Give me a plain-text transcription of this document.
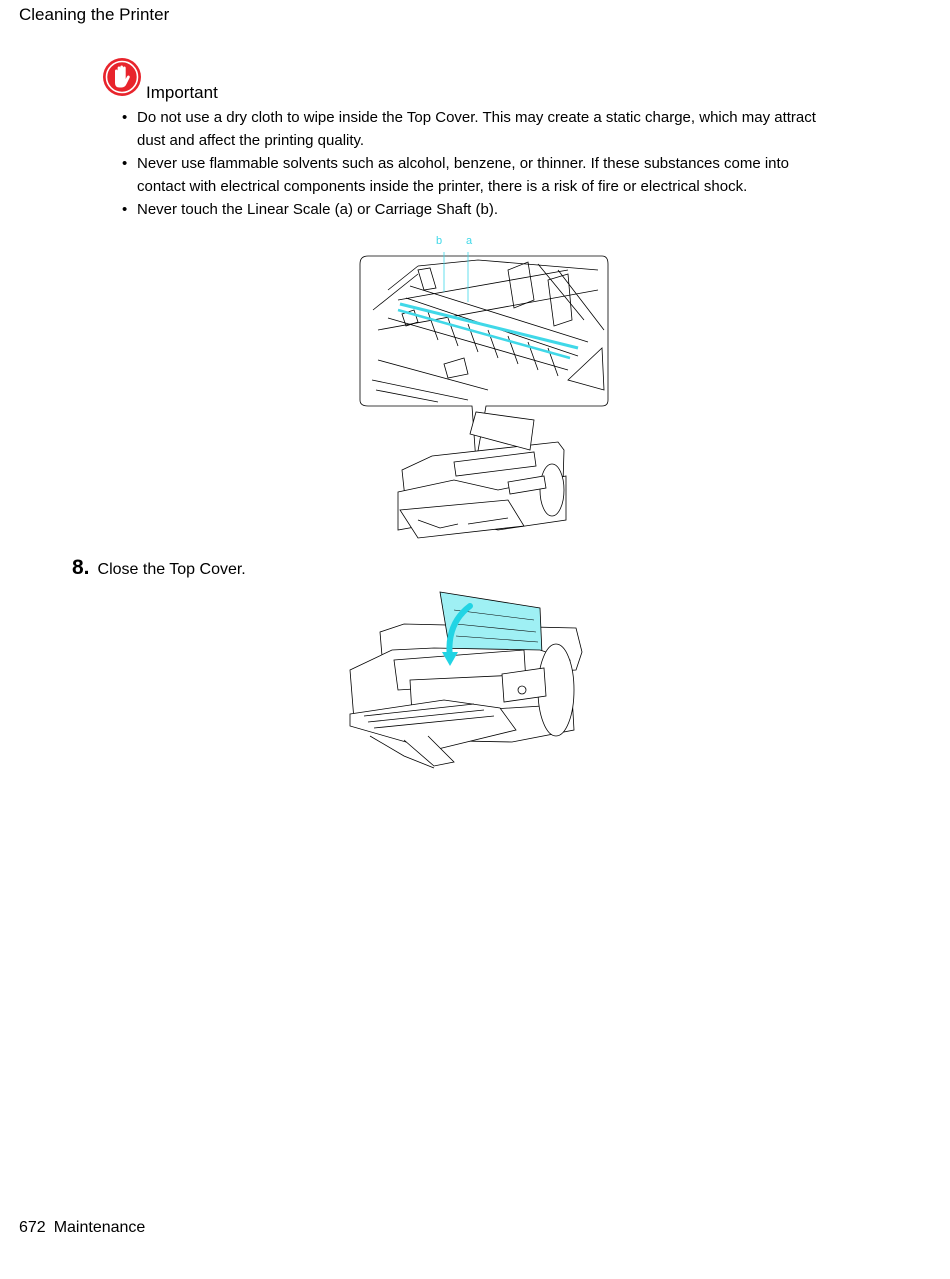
Cleaning the Printer
Important
• Do not use a dry cloth to wipe inside the Top Cover. This may create a static charge, which may attract dust and affect the printing quality.
• Never use flammable solvents such as alcohol, benzene, or thinner. If these substances come into contact with electrical components inside the printer, there is a risk of fire or electrical shock.
• Never touch the Linear Scale (a) or Carriage Shaft (b).
b a
8. Close the Top Cover.
672 Maintenance
